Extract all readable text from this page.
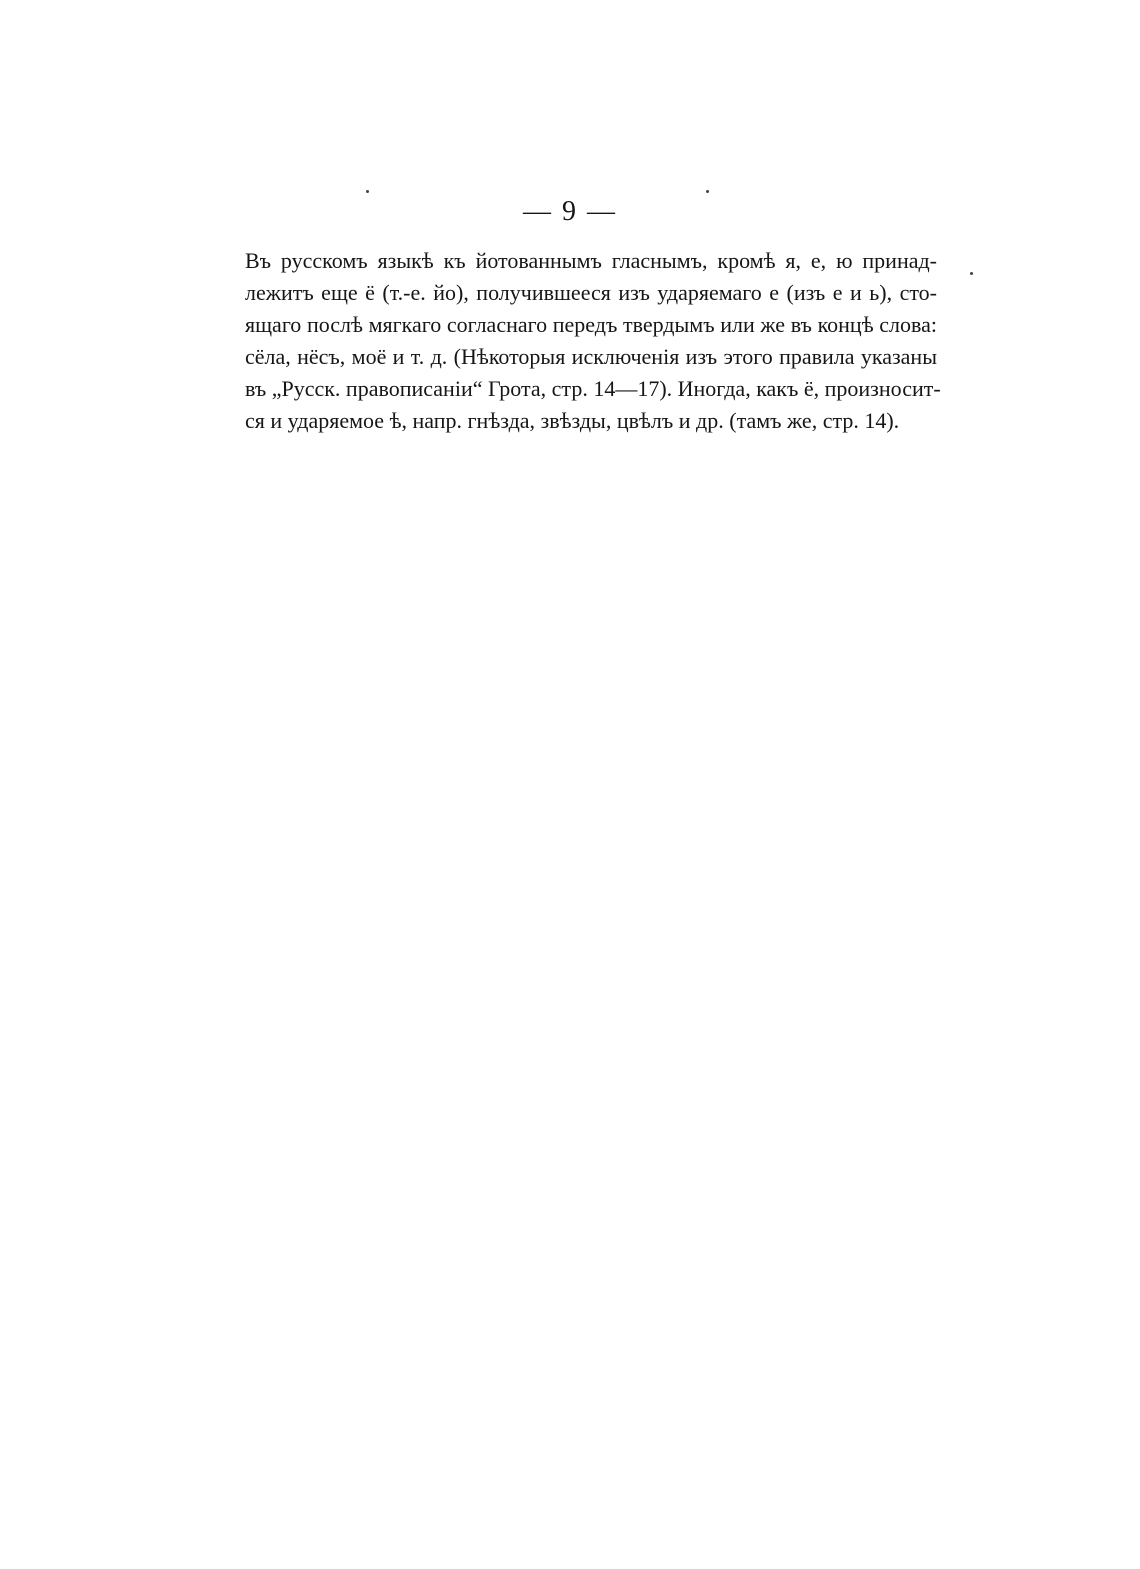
— 9 —
Въ русскомъ языкѣ къ йотованнымъ гласнымъ, кромѣ я, е, ю принад-
лежитъ еще ё (т.-е. йо), получившееся изъ ударяемаго е (изъ е и ь), сто-
ящаго послѣ мягкаго согласнаго передъ твердымъ или же въ концѣ слова:
сёла, нёсъ, моё и т. д. (Нѣкоторыя исключенія изъ этого правила указаны
въ „Русск. правописаніи“ Грота, стр. 14—17). Иногда, какъ ё, произносит-
ся и ударяемое ѣ, напр. гнѣзда, звѣзды, цвѣлъ и др. (тамъ же, стр. 14).
